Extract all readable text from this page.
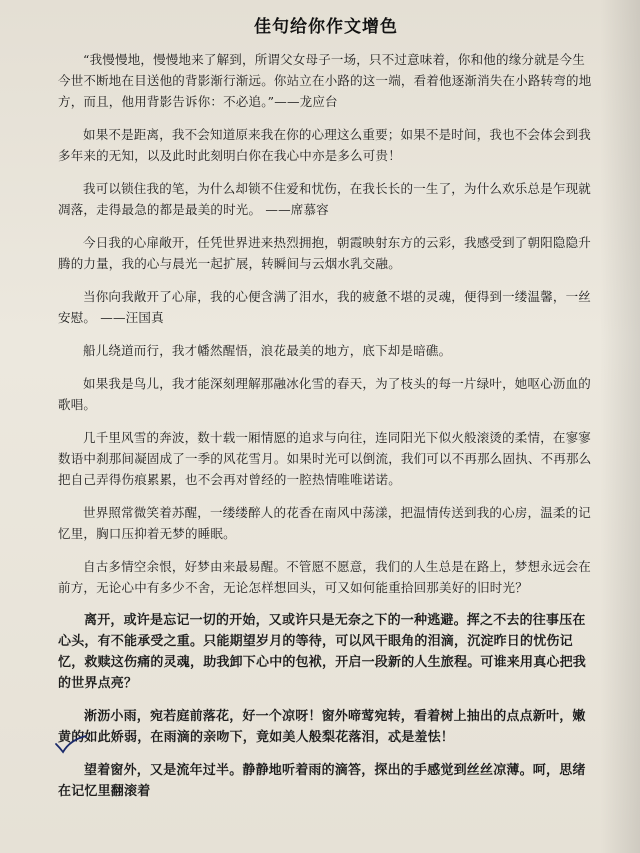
佳句给你作文增色

“我慢慢地，慢慢地来了解到，所谓父女母子一场，只不过意味着，你和他的缘分就是今生今世不断地在目送他的背影渐行渐远。你站立在小路的这一端，看着他逐渐消失在小路转弯的地方，而且，他用背影告诉你：不必追。”——龙应台

如果不是距离，我不会知道原来我在你的心理这么重要；如果不是时间，我也不会体会到我多年来的无知，以及此时此刻明白你在我心中亦是多么可贵！

我可以锁住我的笔，为什么却锁不住爱和忧伤，在我长长的一生了，为什么欢乐总是乍现就凋落，走得最急的都是最美的时光。 ——席慕容

今日我的心扉敞开，任凭世界进来热烈拥抱，朝霞映射东方的云彩，我感受到了朝阳隐隐升腾的力量，我的心与晨光一起扩展，转瞬间与云烟水乳交融。

当你向我敞开了心扉，我的心便含满了泪水，我的疲惫不堪的灵魂，便得到一缕温馨，一丝安慰。 ——汪国真

船儿绕道而行，我才幡然醒悟，浪花最美的地方，底下却是暗礁。

如果我是鸟儿，我才能深刻理解那融冰化雪的春天，为了枝头的每一片绿叶，她呕心沥血的歌唱。

几千里风雪的奔波，数十载一厢情愿的追求与向往，连同阳光下似火般滚烫的柔情，在寥寥数语中刹那间凝固成了一季的风花雪月。如果时光可以倒流，我们可以不再那么固执、不再那么把自己弄得伤痕累累，也不会再对曾经的一腔热情唯唯诺诺。

世界照常微笑着苏醒，一缕缕醉人的花香在南风中荡漾，把温情传送到我的心房，温柔的记忆里，胸口压抑着无梦的睡眠。

自古多情空余恨，好梦由来最易醒。不管愿不愿意，我们的人生总是在路上，梦想永远会在前方，无论心中有多少不舍，无论怎样想回头，可又如何能重拾回那美好的旧时光？

离开，或许是忘记一切的开始，又或许只是无奈之下的一种逃避。挥之不去的往事压在心头，有不能承受之重。只能期望岁月的等待，可以风干眼角的泪滴，沉淀昨日的忧伤记忆，救赎这伤痛的灵魂，助我卸下心中的包袱，开启一段新的人生旅程。可谁来用真心把我的世界点亮？

淅沥小雨，宛若庭前落花，好一个凉呀！窗外啼莺宛转，看着树上抽出的点点新叶，嫩黄的如此娇弱，在雨滴的亲吻下，竟如美人般梨花落泪，忒是羞怯！

望着窗外，又是流年过半。静静地听着雨的滴答，探出的手感觉到丝丝凉薄。呵，思绪在记忆里翻滚着
